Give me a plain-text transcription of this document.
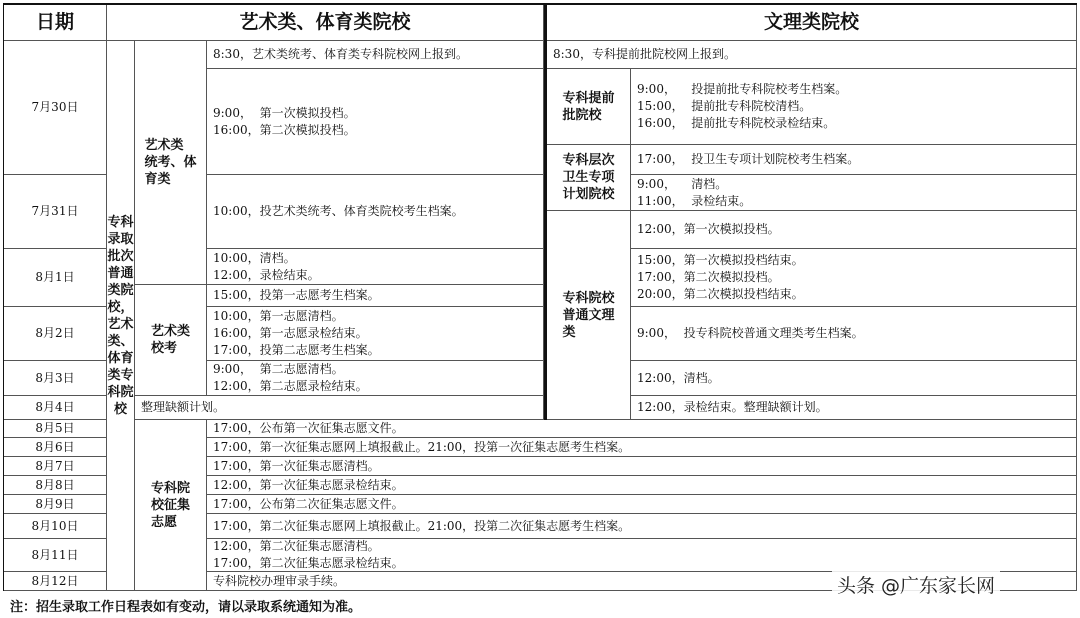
日期	艺术类、体育类院校	文理类院校
7月30日
7月31日
8月1日
8月2日
8月3日
8月4日
8月5日
8月6日
8月7日
8月8日
8月9日
8月10日
8月11日
8月12日
专科录取批次普通类院校，艺术类、体育类专科院校
艺术类
统考、体
育类
艺术类
校考
整理缺额计划。
专科院
校征集
志愿
8:30，艺术类统考、体育类专科院校网上报到。
9:00，  第一次模拟投档。
16:00，第二次模拟投档。
10:00，投艺术类统考、体育类院校考生档案。
10:00，清档。
12:00，录检结束。
15:00，投第一志愿考生档案。
10:00，第一志愿清档。
16:00，第一志愿录检结束。
17:00，投第二志愿考生档案。
9:00，  第二志愿清档。
12:00，第二志愿录检结束。
17:00，公布第一次征集志愿文件。
17:00，第一次征集志愿网上填报截止。21:00，投第一次征集志愿考生档案。
17:00，第一次征集志愿清档。
12:00，第一次征集志愿录检结束。
17:00，公布第二次征集志愿文件。
17:00，第二次征集志愿网上填报截止。21:00，投第二次征集志愿考生档案。
12:00，第二次征集志愿清档。
17:00，第二次征集志愿录检结束。
专科院校办理审录手续。
8:30，专科提前批院校网上报到。
专科提前
批院校
9:00，    投提前批专科院校考生档案。
15:00，  提前批专科院校清档。
16:00，  提前批专科院校录检结束。
专科层次
卫生专项
计划院校
17:00，  投卫生专项计划院校考生档案。
9:00，    清档。
11:00，  录检结束。
专科院校
普通文理
类
12:00，第一次模拟投档。
15:00，第一次模拟投档结束。
17:00，第二次模拟投档。
20:00，第二次模拟投档结束。
9:00，  投专科院校普通文理类考生档案。
12:00，清档。
12:00，录检结束。整理缺额计划。
注：招生录取工作日程表如有变动，请以录取系统通知为准。
头条 @广东家长网
